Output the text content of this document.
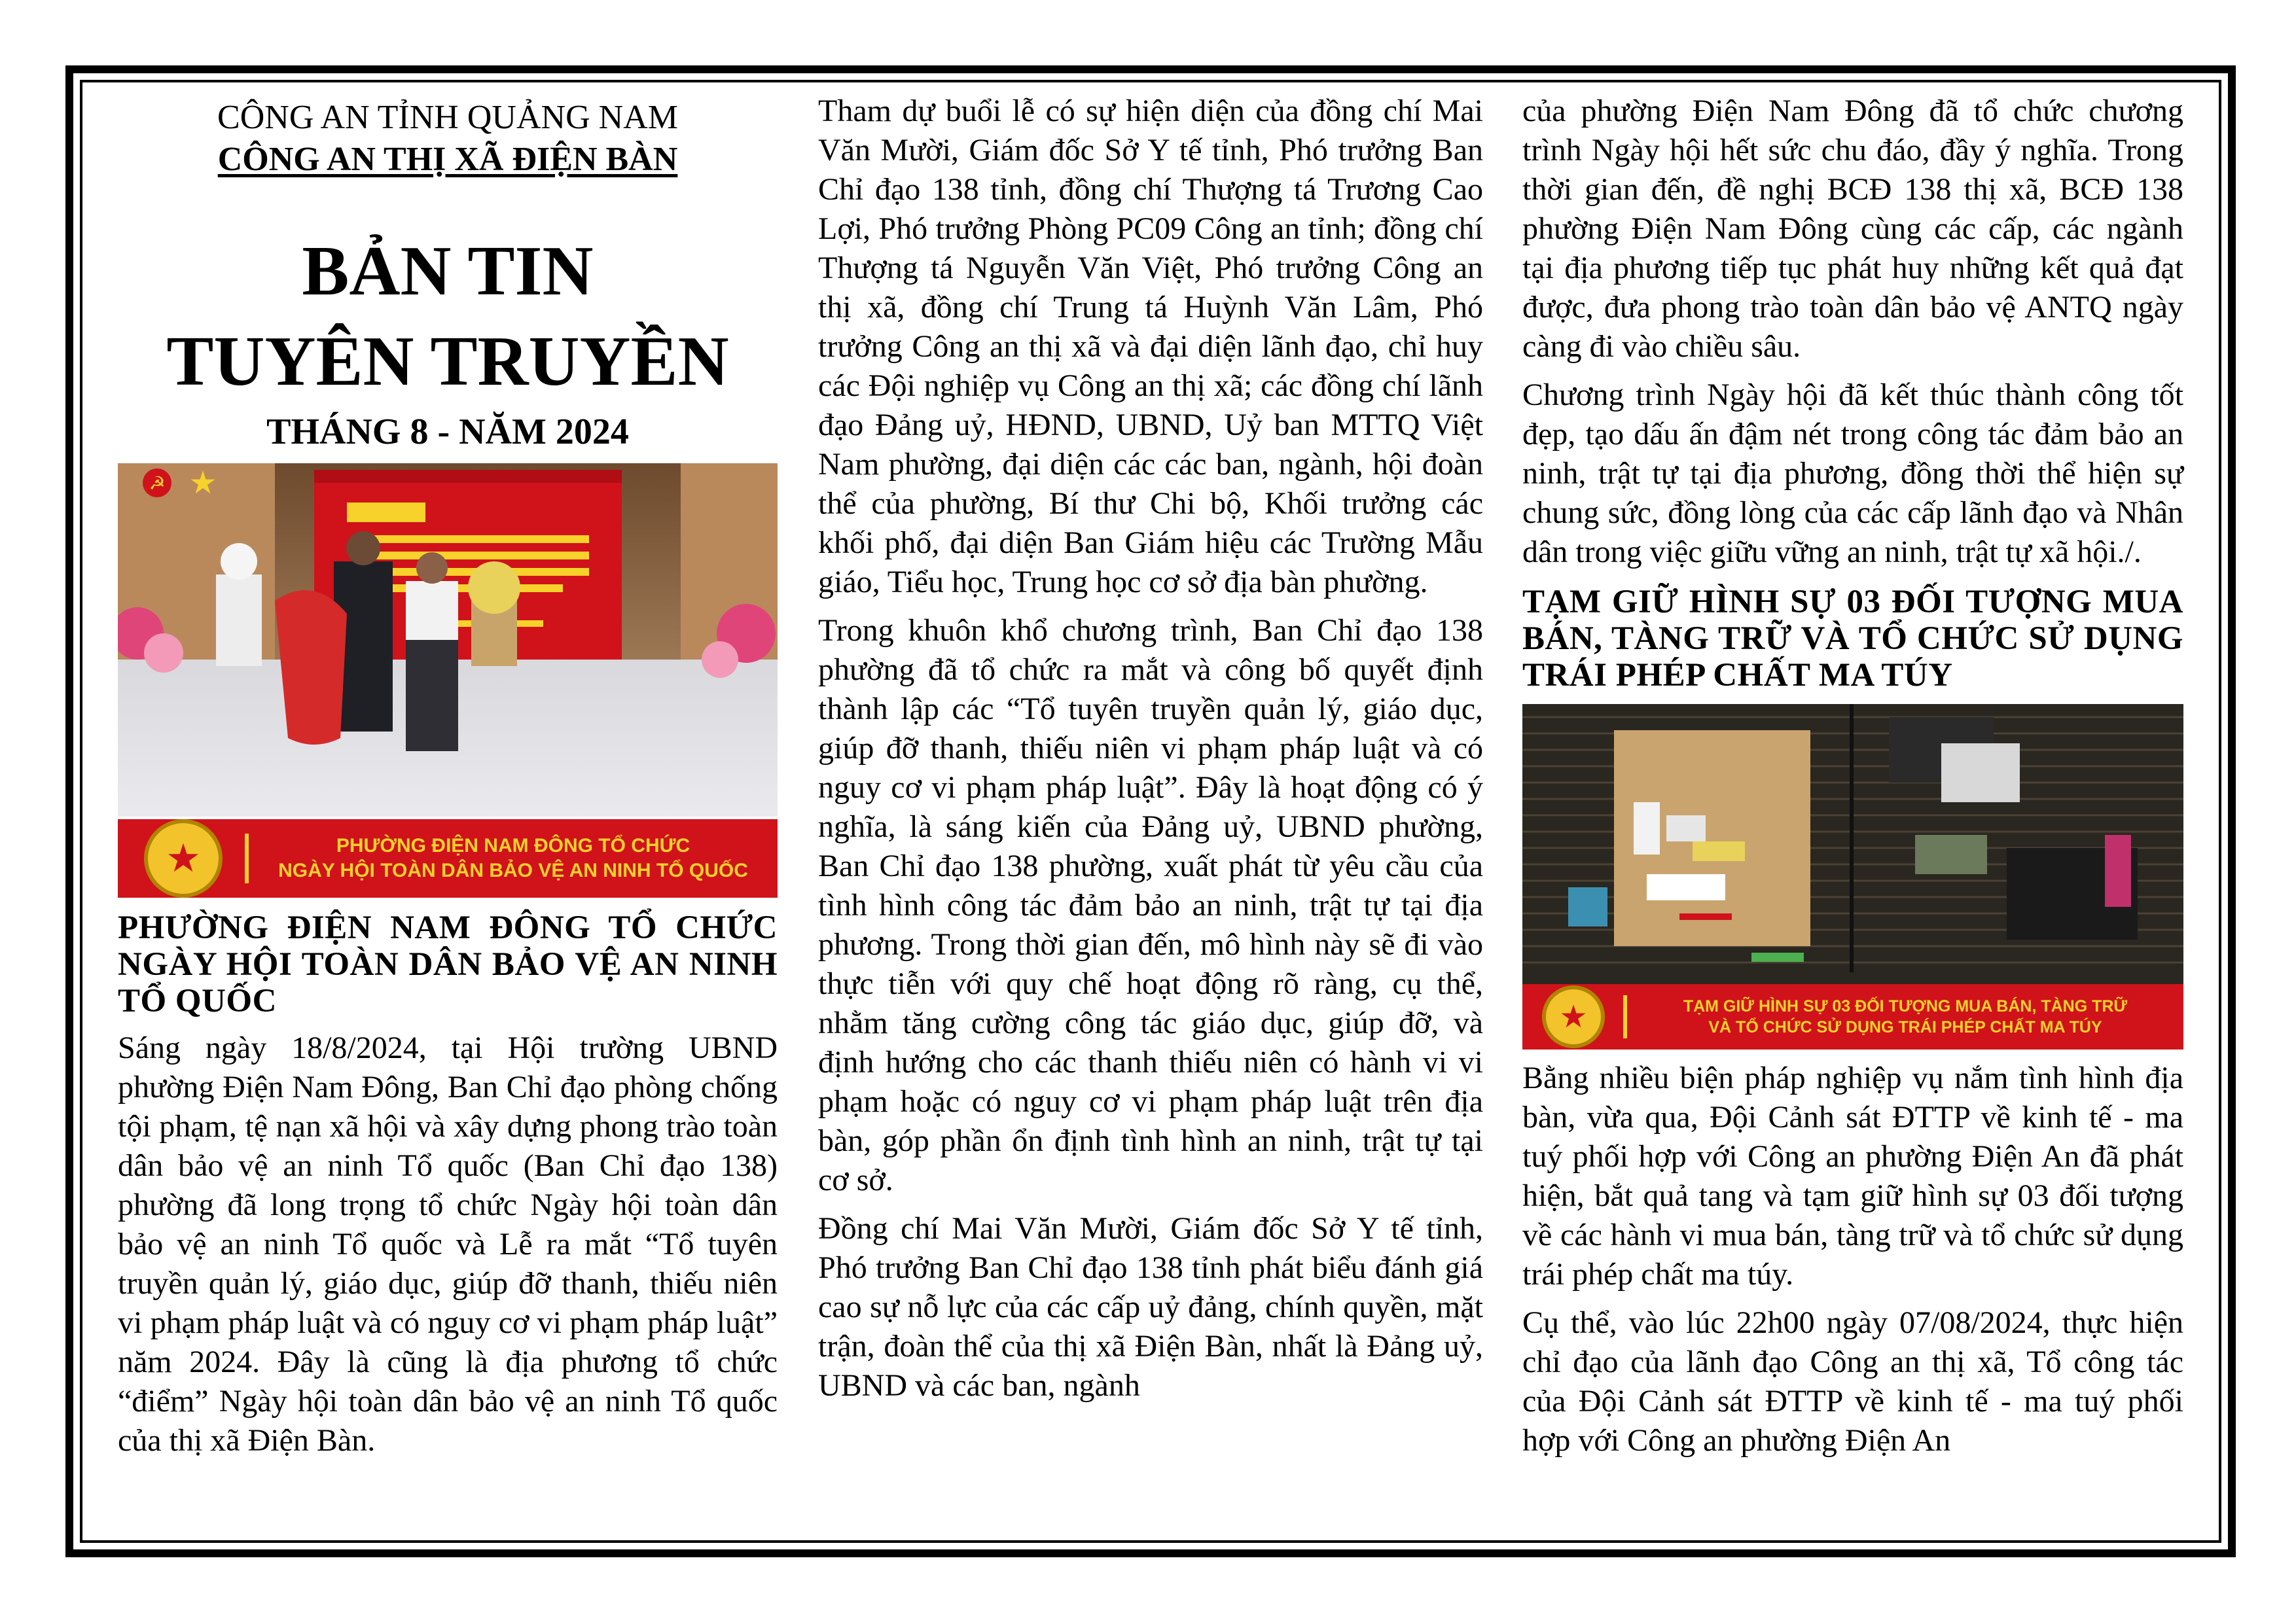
CÔNG AN TỈNH QUẢNG NAM
CÔNG AN THỊ XÃ ĐIỆN BÀN
BẢN TIN
TUYÊN TRUYỀN
THÁNG 8 - NĂM 2024
☭ ★
★	PHƯỜNG ĐIỆN NAM ĐÔNG TỔ CHỨC
NGÀY HỘI TOÀN DÂN BẢO VỆ AN NINH TỔ QUỐC
PHƯỜNG ĐIỆN NAM ĐÔNG TỔ CHỨC NGÀY HỘI TOÀN DÂN BẢO VỆ AN NINH TỔ QUỐC

Sáng ngày 18/8/2024, tại Hội trường UBND phường Điện Nam Đông, Ban Chỉ đạo phòng chống tội phạm, tệ nạn xã hội và xây dựng phong trào toàn dân bảo vệ an ninh Tổ quốc (Ban Chỉ đạo 138) phường đã long trọng tổ chức Ngày hội toàn dân bảo vệ an ninh Tổ quốc và Lễ ra mắt “Tổ tuyên truyền quản lý, giáo dục, giúp đỡ thanh, thiếu niên vi phạm pháp luật và có nguy cơ vi phạm pháp luật” năm 2024. Đây là cũng là địa phương tổ chức “điểm” Ngày hội toàn dân bảo vệ an ninh Tổ quốc của thị xã Điện Bàn.

Tham dự buổi lễ có sự hiện diện của đồng chí Mai Văn Mười, Giám đốc Sở Y tế tỉnh, Phó trưởng Ban Chỉ đạo 138 tỉnh, đồng chí Thượng tá Trương Cao Lợi, Phó trưởng Phòng PC09 Công an tỉnh; đồng chí Thượng tá Nguyễn Văn Việt, Phó trưởng Công an thị xã, đồng chí Trung tá Huỳnh Văn Lâm, Phó trưởng Công an thị xã và đại diện lãnh đạo, chỉ huy các Đội nghiệp vụ Công an thị xã; các đồng chí lãnh đạo Đảng uỷ, HĐND, UBND, Uỷ ban MTTQ Việt Nam phường, đại diện các các ban, ngành, hội đoàn thể của phường, Bí thư Chi bộ, Khối trưởng các khối phố, đại diện Ban Giám hiệu các Trường Mẫu giáo, Tiểu học, Trung học cơ sở địa bàn phường.

Trong khuôn khổ chương trình, Ban Chỉ đạo 138 phường đã tổ chức ra mắt và công bố quyết định thành lập các “Tổ tuyên truyền quản lý, giáo dục, giúp đỡ thanh, thiếu niên vi phạm pháp luật và có nguy cơ vi phạm pháp luật”. Đây là hoạt động có ý nghĩa, là sáng kiến của Đảng uỷ, UBND phường, Ban Chỉ đạo 138 phường, xuất phát từ yêu cầu của tình hình công tác đảm bảo an ninh, trật tự tại địa phương. Trong thời gian đến, mô hình này sẽ đi vào thực tiễn với quy chế hoạt động rõ ràng, cụ thể, nhằm tăng cường công tác giáo dục, giúp đỡ, và định hướng cho các thanh thiếu niên có hành vi vi phạm hoặc có nguy cơ vi phạm pháp luật trên địa bàn, góp phần ổn định tình hình an ninh, trật tự tại cơ sở.

Đồng chí Mai Văn Mười, Giám đốc Sở Y tế tỉnh, Phó trưởng Ban Chỉ đạo 138 tỉnh phát biểu đánh giá cao sự nỗ lực của các cấp uỷ đảng, chính quyền, mặt trận, đoàn thể của thị xã Điện Bàn, nhất là Đảng uỷ, UBND và các ban, ngành

của phường Điện Nam Đông đã tổ chức chương trình Ngày hội hết sức chu đáo, đầy ý nghĩa. Trong thời gian đến, đề nghị BCĐ 138 thị xã, BCĐ 138 phường Điện Nam Đông cùng các cấp, các ngành tại địa phương tiếp tục phát huy những kết quả đạt được, đưa phong trào toàn dân bảo vệ ANTQ ngày càng đi vào chiều sâu.

Chương trình Ngày hội đã kết thúc thành công tốt đẹp, tạo dấu ấn đậm nét trong công tác đảm bảo an ninh, trật tự tại địa phương, đồng thời thể hiện sự chung sức, đồng lòng của các cấp lãnh đạo và Nhân dân trong việc giữu vững an ninh, trật tự xã hội./.

TẠM GIỮ HÌNH SỰ 03 ĐỐI TƯỢNG MUA BÁN, TÀNG TRỮ VÀ TỔ CHỨC SỬ DỤNG TRÁI PHÉP CHẤT MA TÚY
★	TẠM GIỮ HÌNH SỰ 03 ĐỐI TƯỢNG MUA BÁN, TÀNG TRỮ
VÀ TỔ CHỨC SỬ DỤNG TRÁI PHÉP CHẤT MA TÚY

Bằng nhiều biện pháp nghiệp vụ nắm tình hình địa bàn, vừa qua, Đội Cảnh sát ĐTTP về kinh tế - ma tuý phối hợp với Công an phường Điện An đã phát hiện, bắt quả tang và tạm giữ hình sự 03 đối tượng về các hành vi mua bán, tàng trữ và tổ chức sử dụng trái phép chất ma túy.

Cụ thể, vào lúc 22h00 ngày 07/08/2024, thực hiện chỉ đạo của lãnh đạo Công an thị xã, Tổ công tác của Đội Cảnh sát ĐTTP về kinh tế - ma tuý phối hợp với Công an phường Điện An
